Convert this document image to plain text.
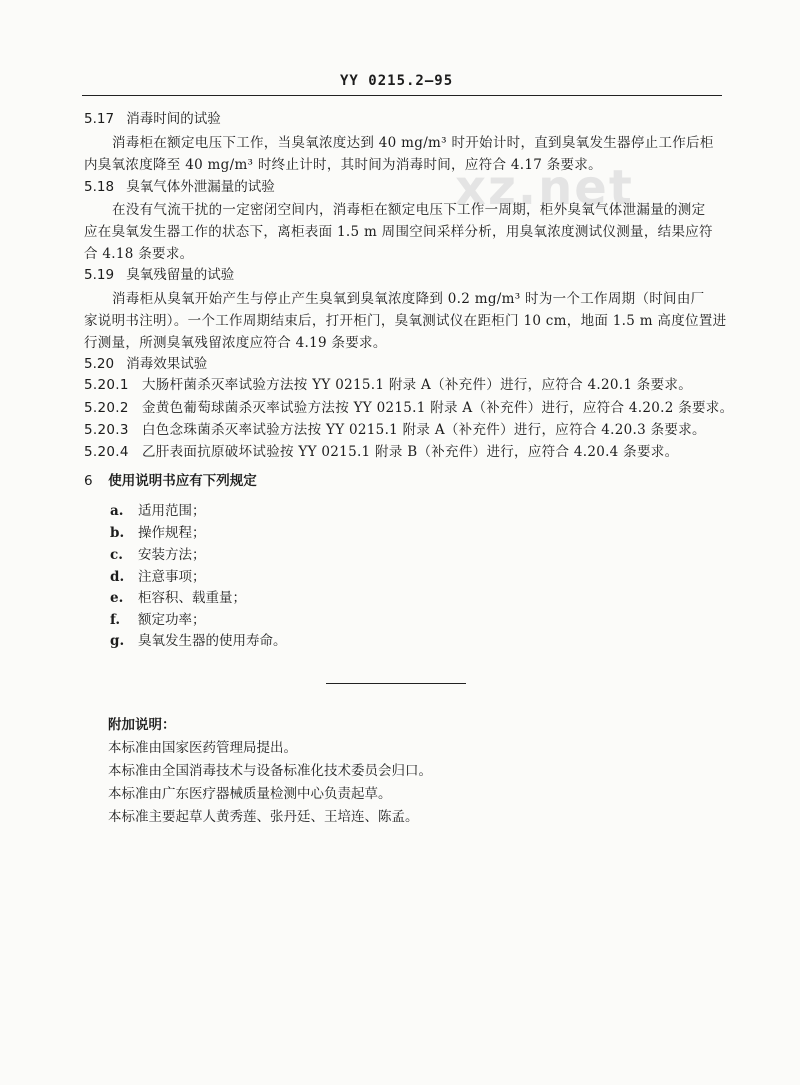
xz.net
YY 0215.2—95
5.17 消毒时间的试验
消毒柜在额定电压下工作，当臭氧浓度达到 40 mg/m³ 时开始计时，直到臭氧发生器停止工作后柜
内臭氧浓度降至 40 mg/m³ 时终止计时，其时间为消毒时间，应符合 4.17 条要求。
5.18 臭氧气体外泄漏量的试验
在没有气流干扰的一定密闭空间内，消毒柜在额定电压下工作一周期，柜外臭氧气体泄漏量的测定
应在臭氧发生器工作的状态下，离柜表面 1.5 m 周围空间采样分析，用臭氧浓度测试仪测量，结果应符
合 4.18 条要求。
5.19 臭氧残留量的试验
消毒柜从臭氧开始产生与停止产生臭氧到臭氧浓度降到 0.2 mg/m³ 时为一个工作周期（时间由厂
家说明书注明）。一个工作周期结束后，打开柜门，臭氧测试仪在距柜门 10 cm，地面 1.5 m 高度位置进
行测量，所测臭氧残留浓度应符合 4.19 条要求。
5.20 消毒效果试验
5.20.1 大肠杆菌杀灭率试验方法按 YY 0215.1 附录 A（补充件）进行，应符合 4.20.1 条要求。
5.20.2 金黄色葡萄球菌杀灭率试验方法按 YY 0215.1 附录 A（补充件）进行，应符合 4.20.2 条要求。
5.20.3 白色念珠菌杀灭率试验方法按 YY 0215.1 附录 A（补充件）进行，应符合 4.20.3 条要求。
5.20.4 乙肝表面抗原破坏试验按 YY 0215.1 附录 B（补充件）进行，应符合 4.20.4 条要求。
6 使用说明书应有下列规定
a. 适用范围；
b. 操作规程；
c. 安装方法；
d. 注意事项；
e. 柜容积、载重量；
f. 额定功率；
g. 臭氧发生器的使用寿命。
附加说明：
本标准由国家医药管理局提出。
本标准由全国消毒技术与设备标准化技术委员会归口。
本标准由广东医疗器械质量检测中心负责起草。
本标准主要起草人黄秀莲、张丹廷、王培连、陈孟。
